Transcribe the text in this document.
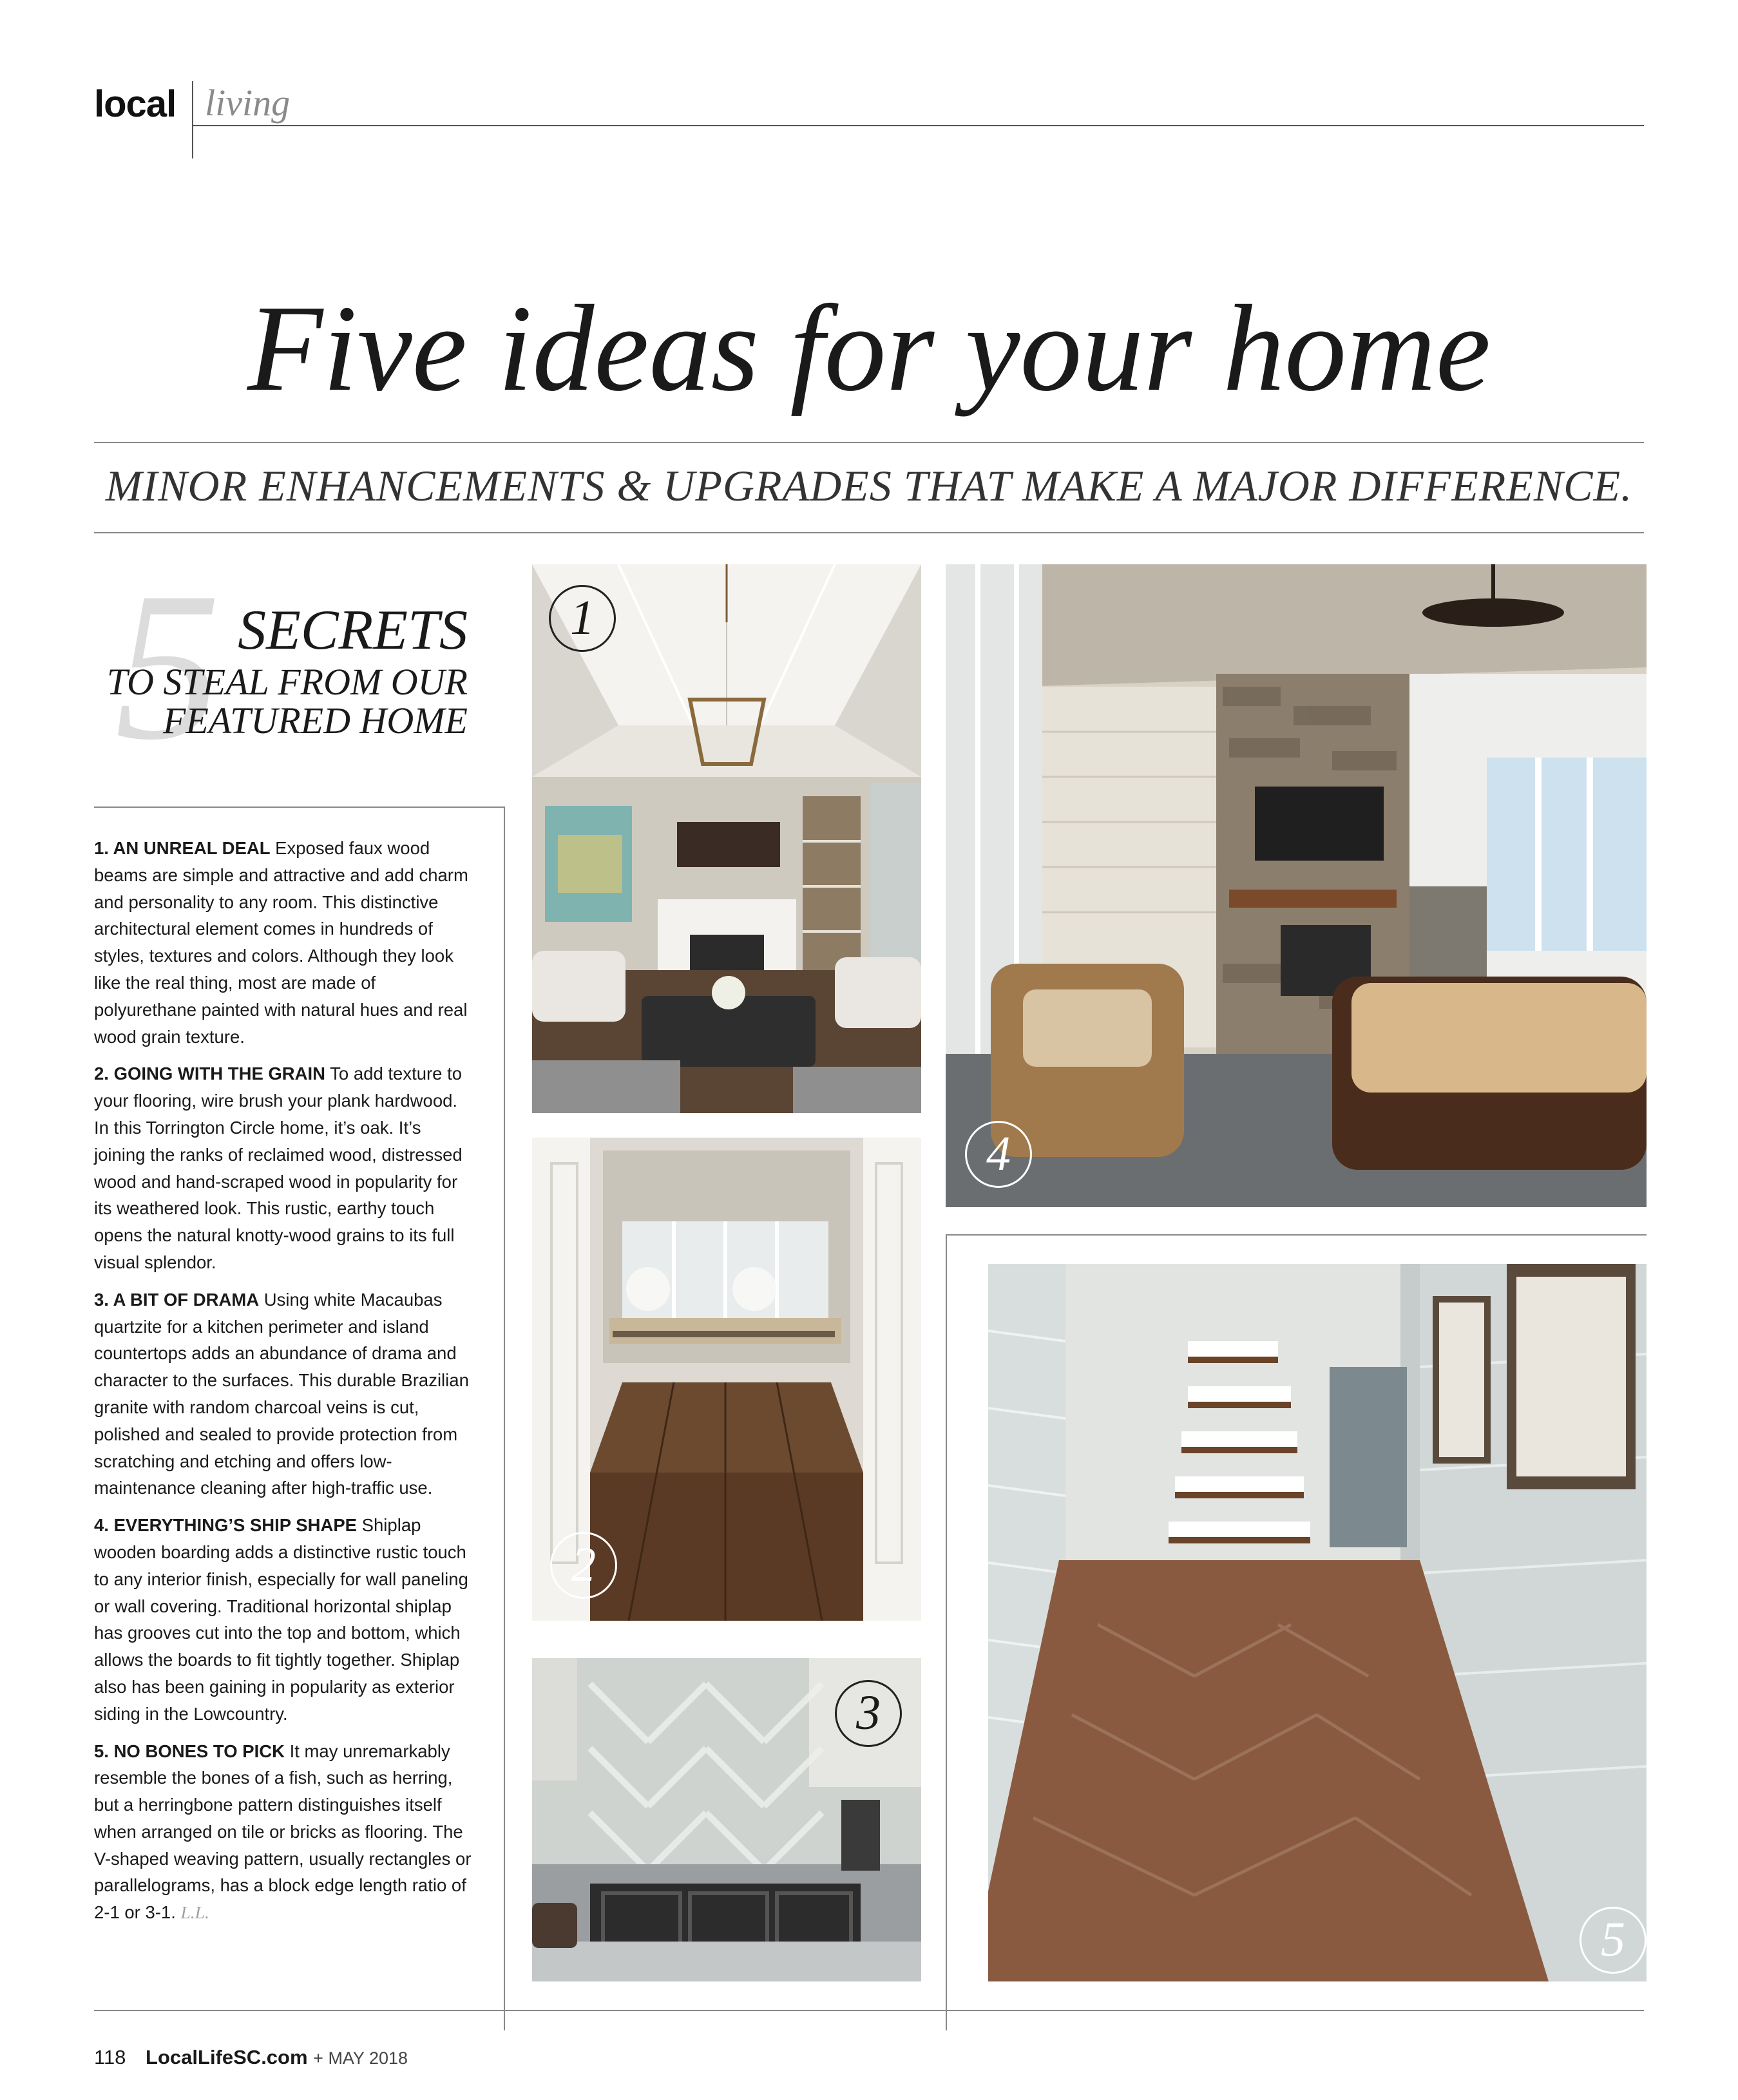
local living
Five ideas for your home
MINOR ENHANCEMENTS & UPGRADES THAT MAKE A MAJOR DIFFERENCE.
5 SECRETS
TO STEAL FROM OUR
FEATURED HOME

1. AN UNREAL DEAL Exposed faux wood beams are simple and attractive and add charm and personality to any room. This distinctive architectural element comes in hundreds of styles, textures and colors. Although they look like the real thing, most are made of polyurethane painted with natural hues and real wood grain texture.

2. GOING WITH THE GRAIN To add texture to your flooring, wire brush your plank hardwood. In this Torrington Circle home, it’s oak. It’s joining the ranks of reclaimed wood, distressed wood and hand-scraped wood in popularity for its weathered look. This rustic, earthy touch opens the natural knotty-wood grains to its full visual splendor.

3. A BIT OF DRAMA Using white Macaubas quartzite for a kitchen perimeter and island countertops adds an abundance of drama and character to the surfaces. This durable Brazilian granite with random charcoal veins is cut, polished and sealed to provide protection from scratching and etching and offers low-maintenance cleaning after high-traffic use.

4. EVERYTHING’S SHIP SHAPE Shiplap wooden boarding adds a distinctive rustic touch to any interior finish, especially for wall paneling or wall covering. Traditional horizontal shiplap has grooves cut into the top and bottom, which allows the boards to fit tightly together. Shiplap also has been gaining in popularity as exterior siding in the Lowcountry.

5. NO BONES TO PICK It may unremarkably resemble the bones of a fish, such as herring, but a herringbone pattern distinguishes itself when arranged on tile or bricks as flooring. The V-shaped weaving pattern, usually rectangles or parallelograms, has a block edge length ratio of 2-1 or 3-1. L.L.

1
2
3
4
5
118 LocalLifeSC.com + MAY 2018
